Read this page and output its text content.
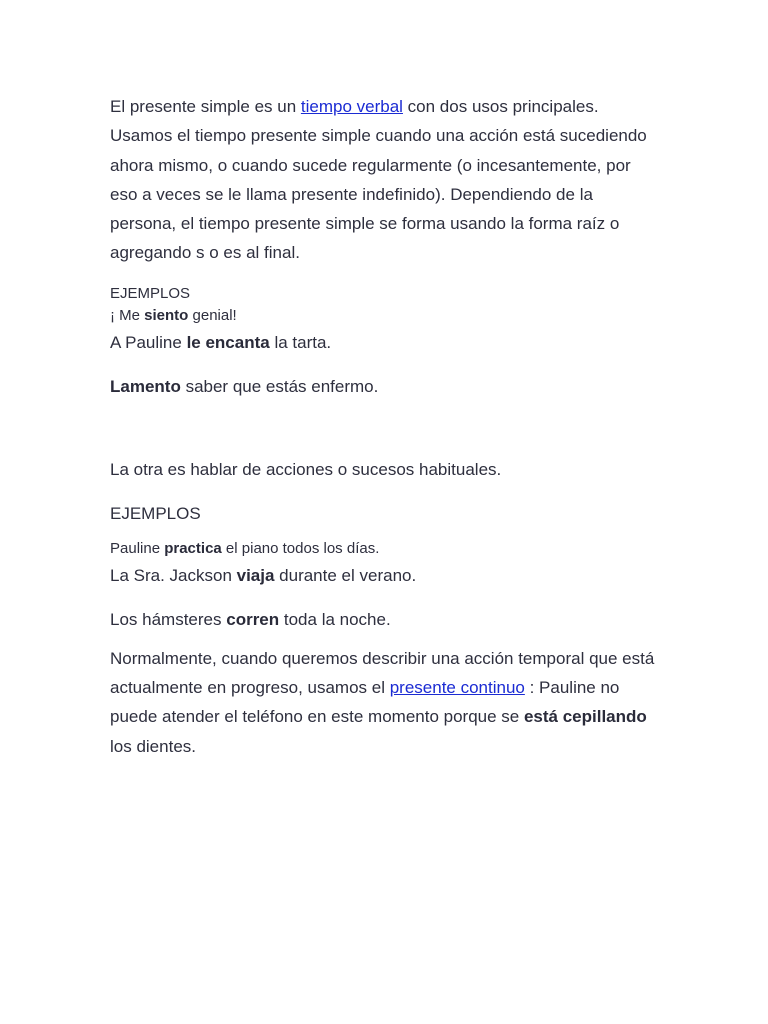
El presente simple es un tiempo verbal con dos usos principales. Usamos el tiempo presente simple cuando una acción está sucediendo ahora mismo, o cuando sucede regularmente (o incesantemente, por eso a veces se le llama presente indefinido). Dependiendo de la persona, el tiempo presente simple se forma usando la forma raíz o agregando s o es al final.

EJEMPLOS

¡ Me siento genial!

A Pauline le encanta la tarta.

Lamento saber que estás enfermo.

La otra es hablar de acciones o sucesos habituales.

EJEMPLOS

Pauline practica el piano todos los días.

La Sra. Jackson viaja durante el verano.

Los hámsteres corren toda la noche.

Normalmente, cuando queremos describir una acción temporal que está actualmente en progreso, usamos el presente continuo : Pauline no puede atender el teléfono en este momento porque se está cepillando los dientes.
